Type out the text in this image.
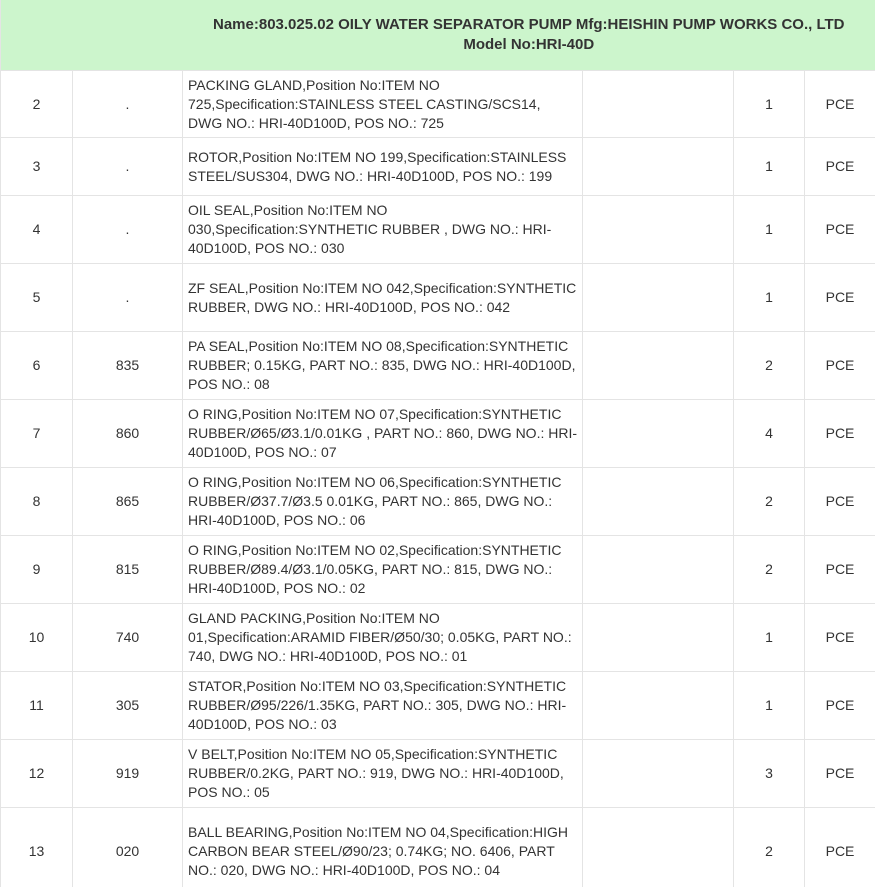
		Name:803.025.02 OILY WATER SEPARATOR PUMP Mfg:HEISHIN PUMP WORKS CO., LTD Model No:HRI-40D			
2	.	PACKING GLAND,Position No:ITEM NO 725,Specification:STAINLESS STEEL CASTING/SCS14, DWG NO.: HRI-40D100D, POS NO.: 725		1	PCE
3	.	ROTOR,Position No:ITEM NO 199,Specification:STAINLESS STEEL/SUS304, DWG NO.: HRI-40D100D, POS NO.: 199		1	PCE
4	.	OIL SEAL,Position No:ITEM NO 030,Specification:SYNTHETIC RUBBER , DWG NO.: HRI-40D100D, POS NO.: 030		1	PCE
5	.	ZF SEAL,Position No:ITEM NO 042,Specification:SYNTHETIC RUBBER, DWG NO.: HRI-40D100D, POS NO.: 042		1	PCE
6	835	PA SEAL,Position No:ITEM NO 08,Specification:SYNTHETIC RUBBER; 0.15KG, PART NO.: 835, DWG NO.: HRI-40D100D, POS NO.: 08		2	PCE
7	860	O RING,Position No:ITEM NO 07,Specification:SYNTHETIC RUBBER/Ø65/Ø3.1/0.01KG , PART NO.: 860, DWG NO.: HRI-40D100D, POS NO.: 07		4	PCE
8	865	O RING,Position No:ITEM NO 06,Specification:SYNTHETIC RUBBER/Ø37.7/Ø3.5 0.01KG, PART NO.: 865, DWG NO.: HRI-40D100D, POS NO.: 06		2	PCE
9	815	O RING,Position No:ITEM NO 02,Specification:SYNTHETIC RUBBER/Ø89.4/Ø3.1/0.05KG, PART NO.: 815, DWG NO.: HRI-40D100D, POS NO.: 02		2	PCE
10	740	GLAND PACKING,Position No:ITEM NO 01,Specification:ARAMID FIBER/Ø50/30; 0.05KG, PART NO.: 740, DWG NO.: HRI-40D100D, POS NO.: 01		1	PCE
11	305	STATOR,Position No:ITEM NO 03,Specification:SYNTHETIC RUBBER/Ø95/226/1.35KG, PART NO.: 305, DWG NO.: HRI-40D100D, POS NO.: 03		1	PCE
12	919	V BELT,Position No:ITEM NO 05,Specification:SYNTHETIC RUBBER/0.2KG, PART NO.: 919, DWG NO.: HRI-40D100D, POS NO.: 05		3	PCE
13	020	BALL BEARING,Position No:ITEM NO 04,Specification:HIGH CARBON BEAR STEEL/Ø90/23; 0.74KG; NO. 6406, PART NO.: 020, DWG NO.: HRI-40D100D, POS NO.: 04		2	PCE
